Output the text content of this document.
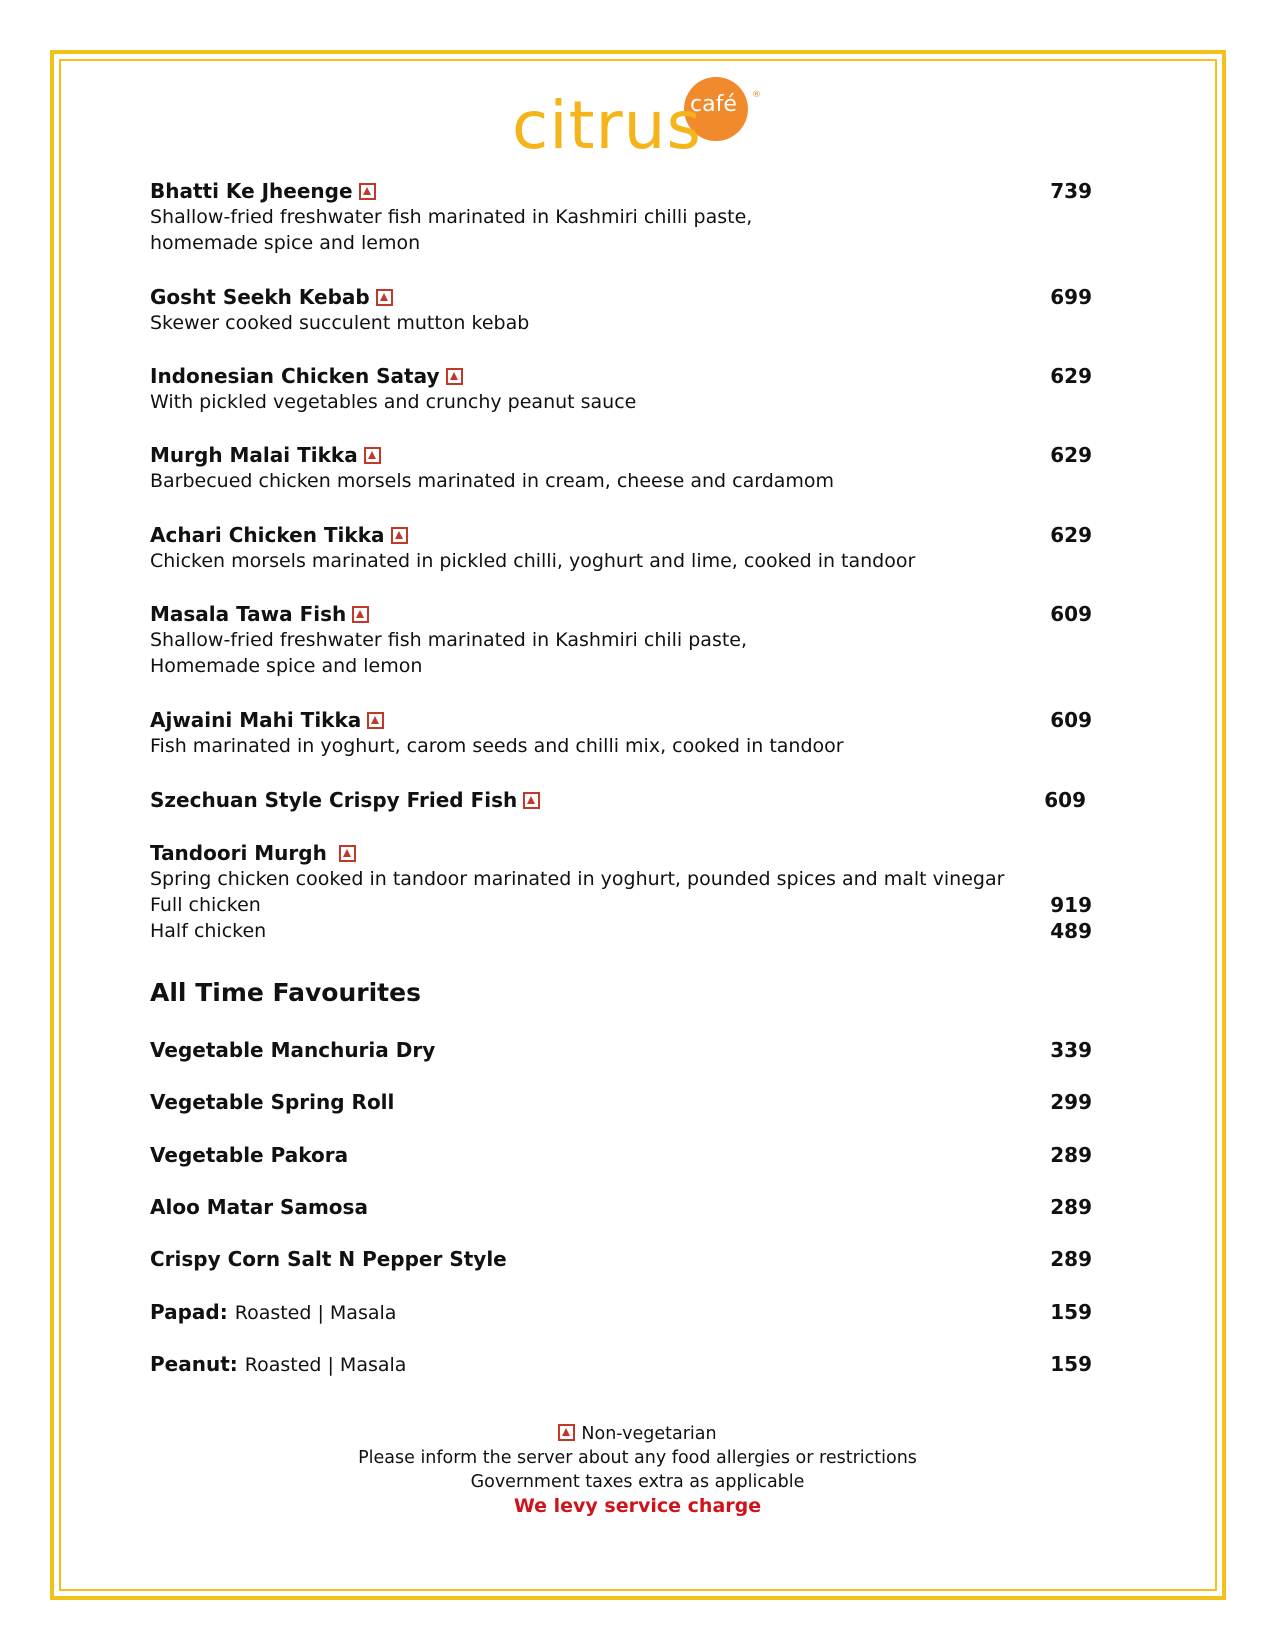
citrus
café ®
Bhatti Ke Jheenge	739
Shallow-fried freshwater fish marinated in Kashmiri chilli paste,
homemade spice and lemon
Gosht Seekh Kebab	699
Skewer cooked succulent mutton kebab
Indonesian Chicken Satay	629
With pickled vegetables and crunchy peanut sauce
Murgh Malai Tikka	629
Barbecued chicken morsels marinated in cream, cheese and cardamom
Achari Chicken Tikka	629
Chicken morsels marinated in pickled chilli, yoghurt and lime, cooked in tandoor
Masala Tawa Fish	609
Shallow-fried freshwater fish marinated in Kashmiri chili paste,
Homemade spice and lemon
Ajwaini Mahi Tikka	609
Fish marinated in yoghurt, carom seeds and chilli mix, cooked in tandoor
Szechuan Style Crispy Fried Fish	609
Tandoori Murgh
Spring chicken cooked in tandoor marinated in yoghurt, pounded spices and malt vinegar
Full chicken	919
Half chicken	489
All Time Favourites
Vegetable Manchuria Dry	339
Vegetable Spring Roll	299
Vegetable Pakora	289
Aloo Matar Samosa	289
Crispy Corn Salt N Pepper Style	289
Papad: Roasted | Masala	159
Peanut: Roasted | Masala	159
Non-vegetarian
Please inform the server about any food allergies or restrictions
Government taxes extra as applicable
We levy service charge
